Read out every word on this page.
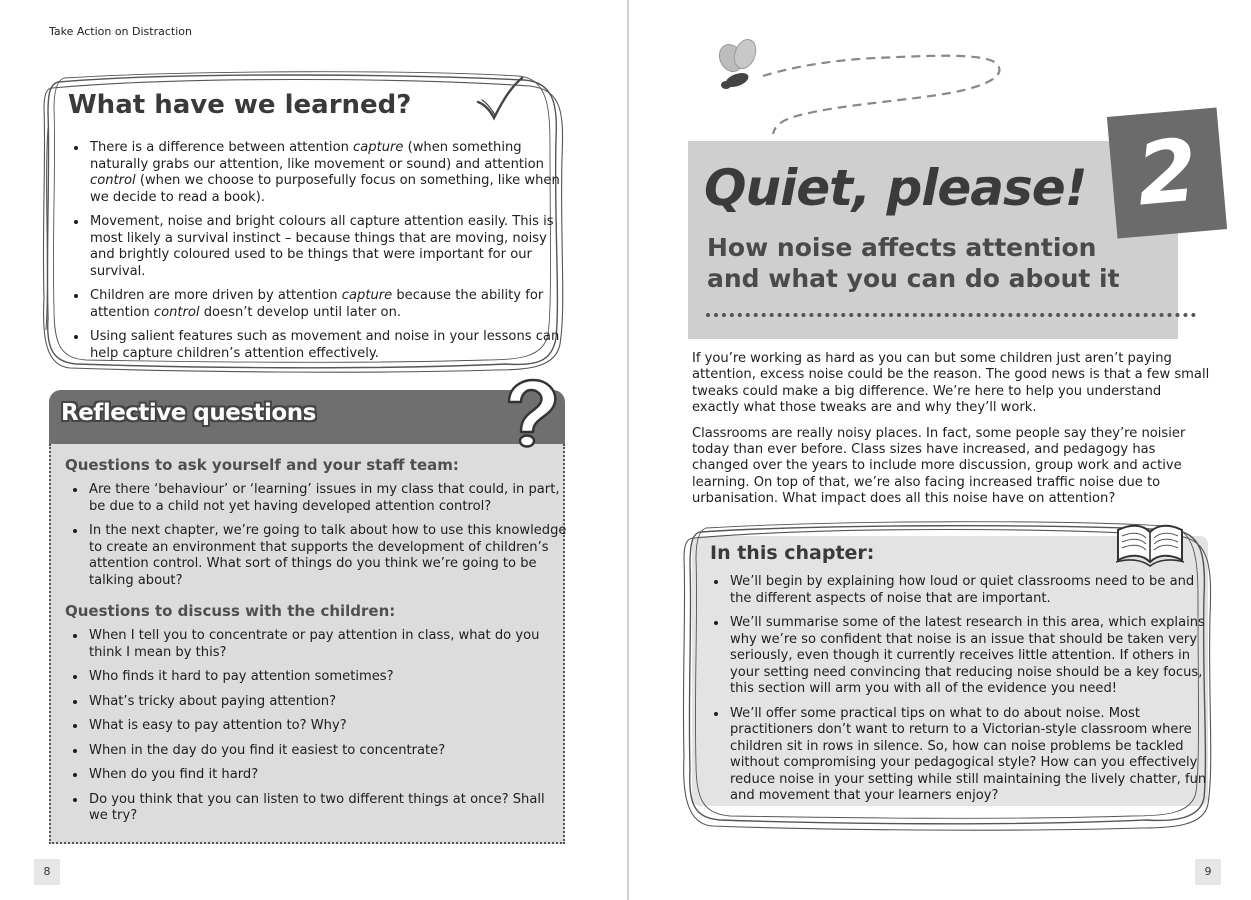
Take Action on Distraction
What have we learned?
• There is a difference between attention capture (when something naturally grabs our attention, like movement or sound) and attention control (when we choose to purposefully focus on something, like when we decide to read a book).
• Movement, noise and bright colours all capture attention easily. This is most likely a survival instinct – because things that are moving, noisy and brightly coloured used to be things that were important for our survival.
• Children are more driven by attention capture because the ability for attention control doesn’t develop until later on.
• Using salient features such as movement and noise in your lessons can help capture children’s attention effectively.
Reflective questions
Questions to ask yourself and your staff team:
• Are there ‘behaviour’ or ‘learning’ issues in my class that could, in part, be due to a child not yet having developed attention control?
• In the next chapter, we’re going to talk about how to use this knowledge to create an environment that supports the development of children’s attention control. What sort of things do you think we’re going to be talking about?
Questions to discuss with the children:
• When I tell you to concentrate or pay attention in class, what do you think I mean by this?
• Who finds it hard to pay attention sometimes?
• What’s tricky about paying attention?
• What is easy to pay attention to? Why?
• When in the day do you find it easiest to concentrate?
• When do you find it hard?
• Do you think that you can listen to two different things at once? Shall we try?
8
2
Quiet, please!
How noise affects attention and what you can do about it

If you’re working as hard as you can but some children just aren’t paying attention, excess noise could be the reason. The good news is that a few small tweaks could make a big difference. We’re here to help you understand exactly what those tweaks are and why they’ll work.

Classrooms are really noisy places. In fact, some people say they’re noisier today than ever before. Class sizes have increased, and pedagogy has changed over the years to include more discussion, group work and active learning. On top of that, we’re also facing increased traffic noise due to urbanisation. What impact does all this noise have on attention?

In this chapter:
• We’ll begin by explaining how loud or quiet classrooms need to be and the different aspects of noise that are important.
• We’ll summarise some of the latest research in this area, which explains why we’re so confident that noise is an issue that should be taken very seriously, even though it currently receives little attention. If others in your setting need convincing that reducing noise should be a key focus, this section will arm you with all of the evidence you need!
• We’ll offer some practical tips on what to do about noise. Most practitioners don’t want to return to a Victorian-style classroom where children sit in rows in silence. So, how can noise problems be tackled without compromising your pedagogical style? How can you effectively reduce noise in your setting while still maintaining the lively chatter, fun and movement that your learners enjoy?
9
